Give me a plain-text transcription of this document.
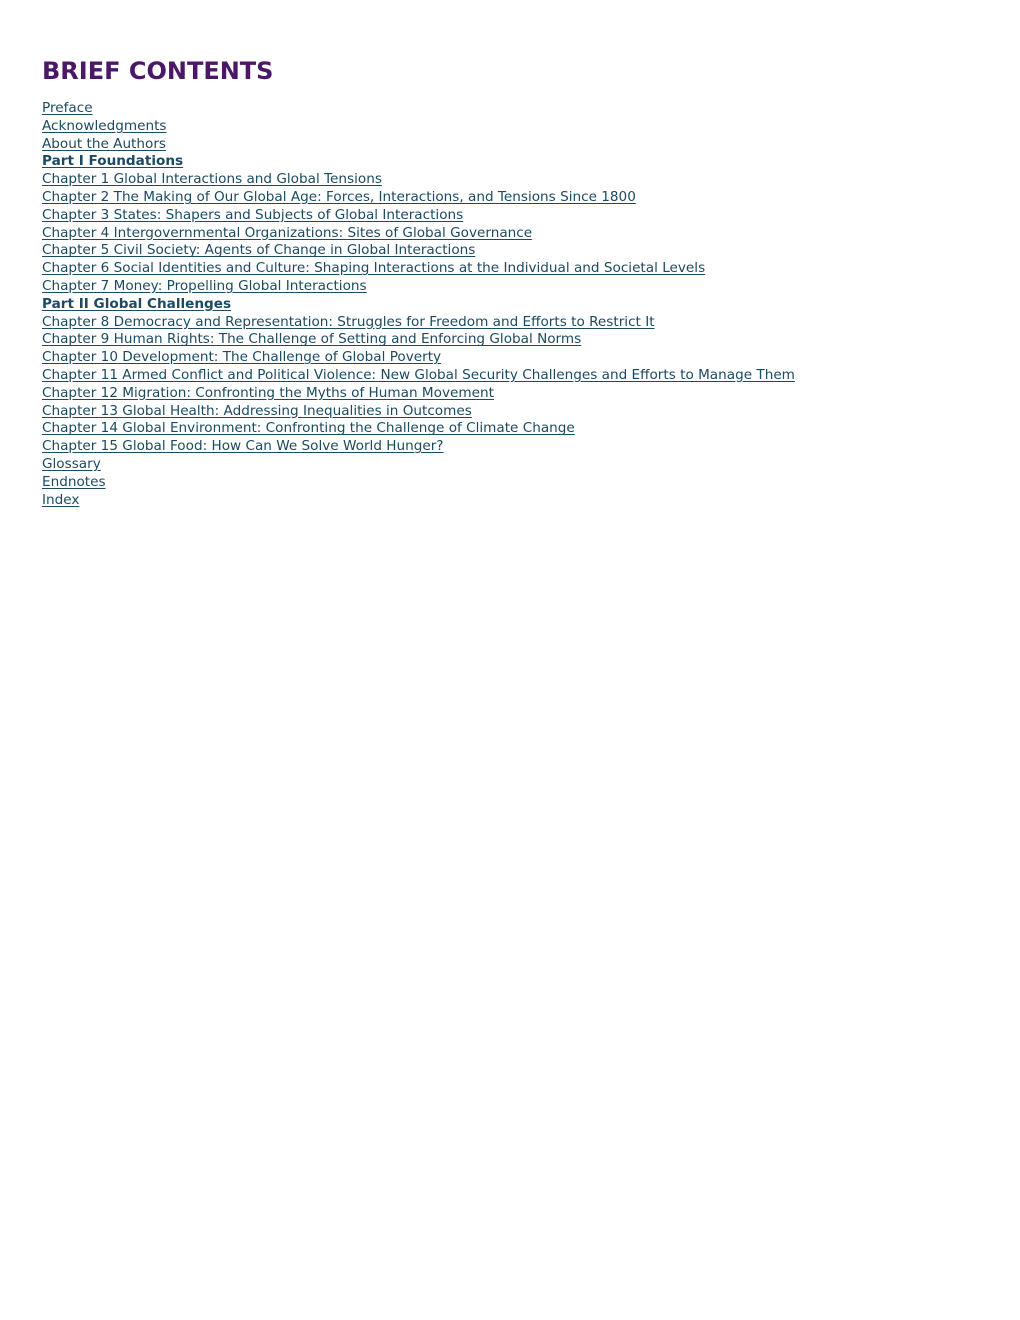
BRIEF CONTENTS
Preface
Acknowledgments
About the Authors
Part I Foundations
Chapter 1 Global Interactions and Global Tensions
Chapter 2 The Making of Our Global Age: Forces, Interactions, and Tensions Since 1800
Chapter 3 States: Shapers and Subjects of Global Interactions
Chapter 4 Intergovernmental Organizations: Sites of Global Governance
Chapter 5 Civil Society: Agents of Change in Global Interactions
Chapter 6 Social Identities and Culture: Shaping Interactions at the Individual and Societal Levels
Chapter 7 Money: Propelling Global Interactions
Part II Global Challenges
Chapter 8 Democracy and Representation: Struggles for Freedom and Efforts to Restrict It
Chapter 9 Human Rights: The Challenge of Setting and Enforcing Global Norms
Chapter 10 Development: The Challenge of Global Poverty
Chapter 11 Armed Conflict and Political Violence: New Global Security Challenges and Efforts to Manage Them
Chapter 12 Migration: Confronting the Myths of Human Movement
Chapter 13 Global Health: Addressing Inequalities in Outcomes
Chapter 14 Global Environment: Confronting the Challenge of Climate Change
Chapter 15 Global Food: How Can We Solve World Hunger?
Glossary
Endnotes
Index
